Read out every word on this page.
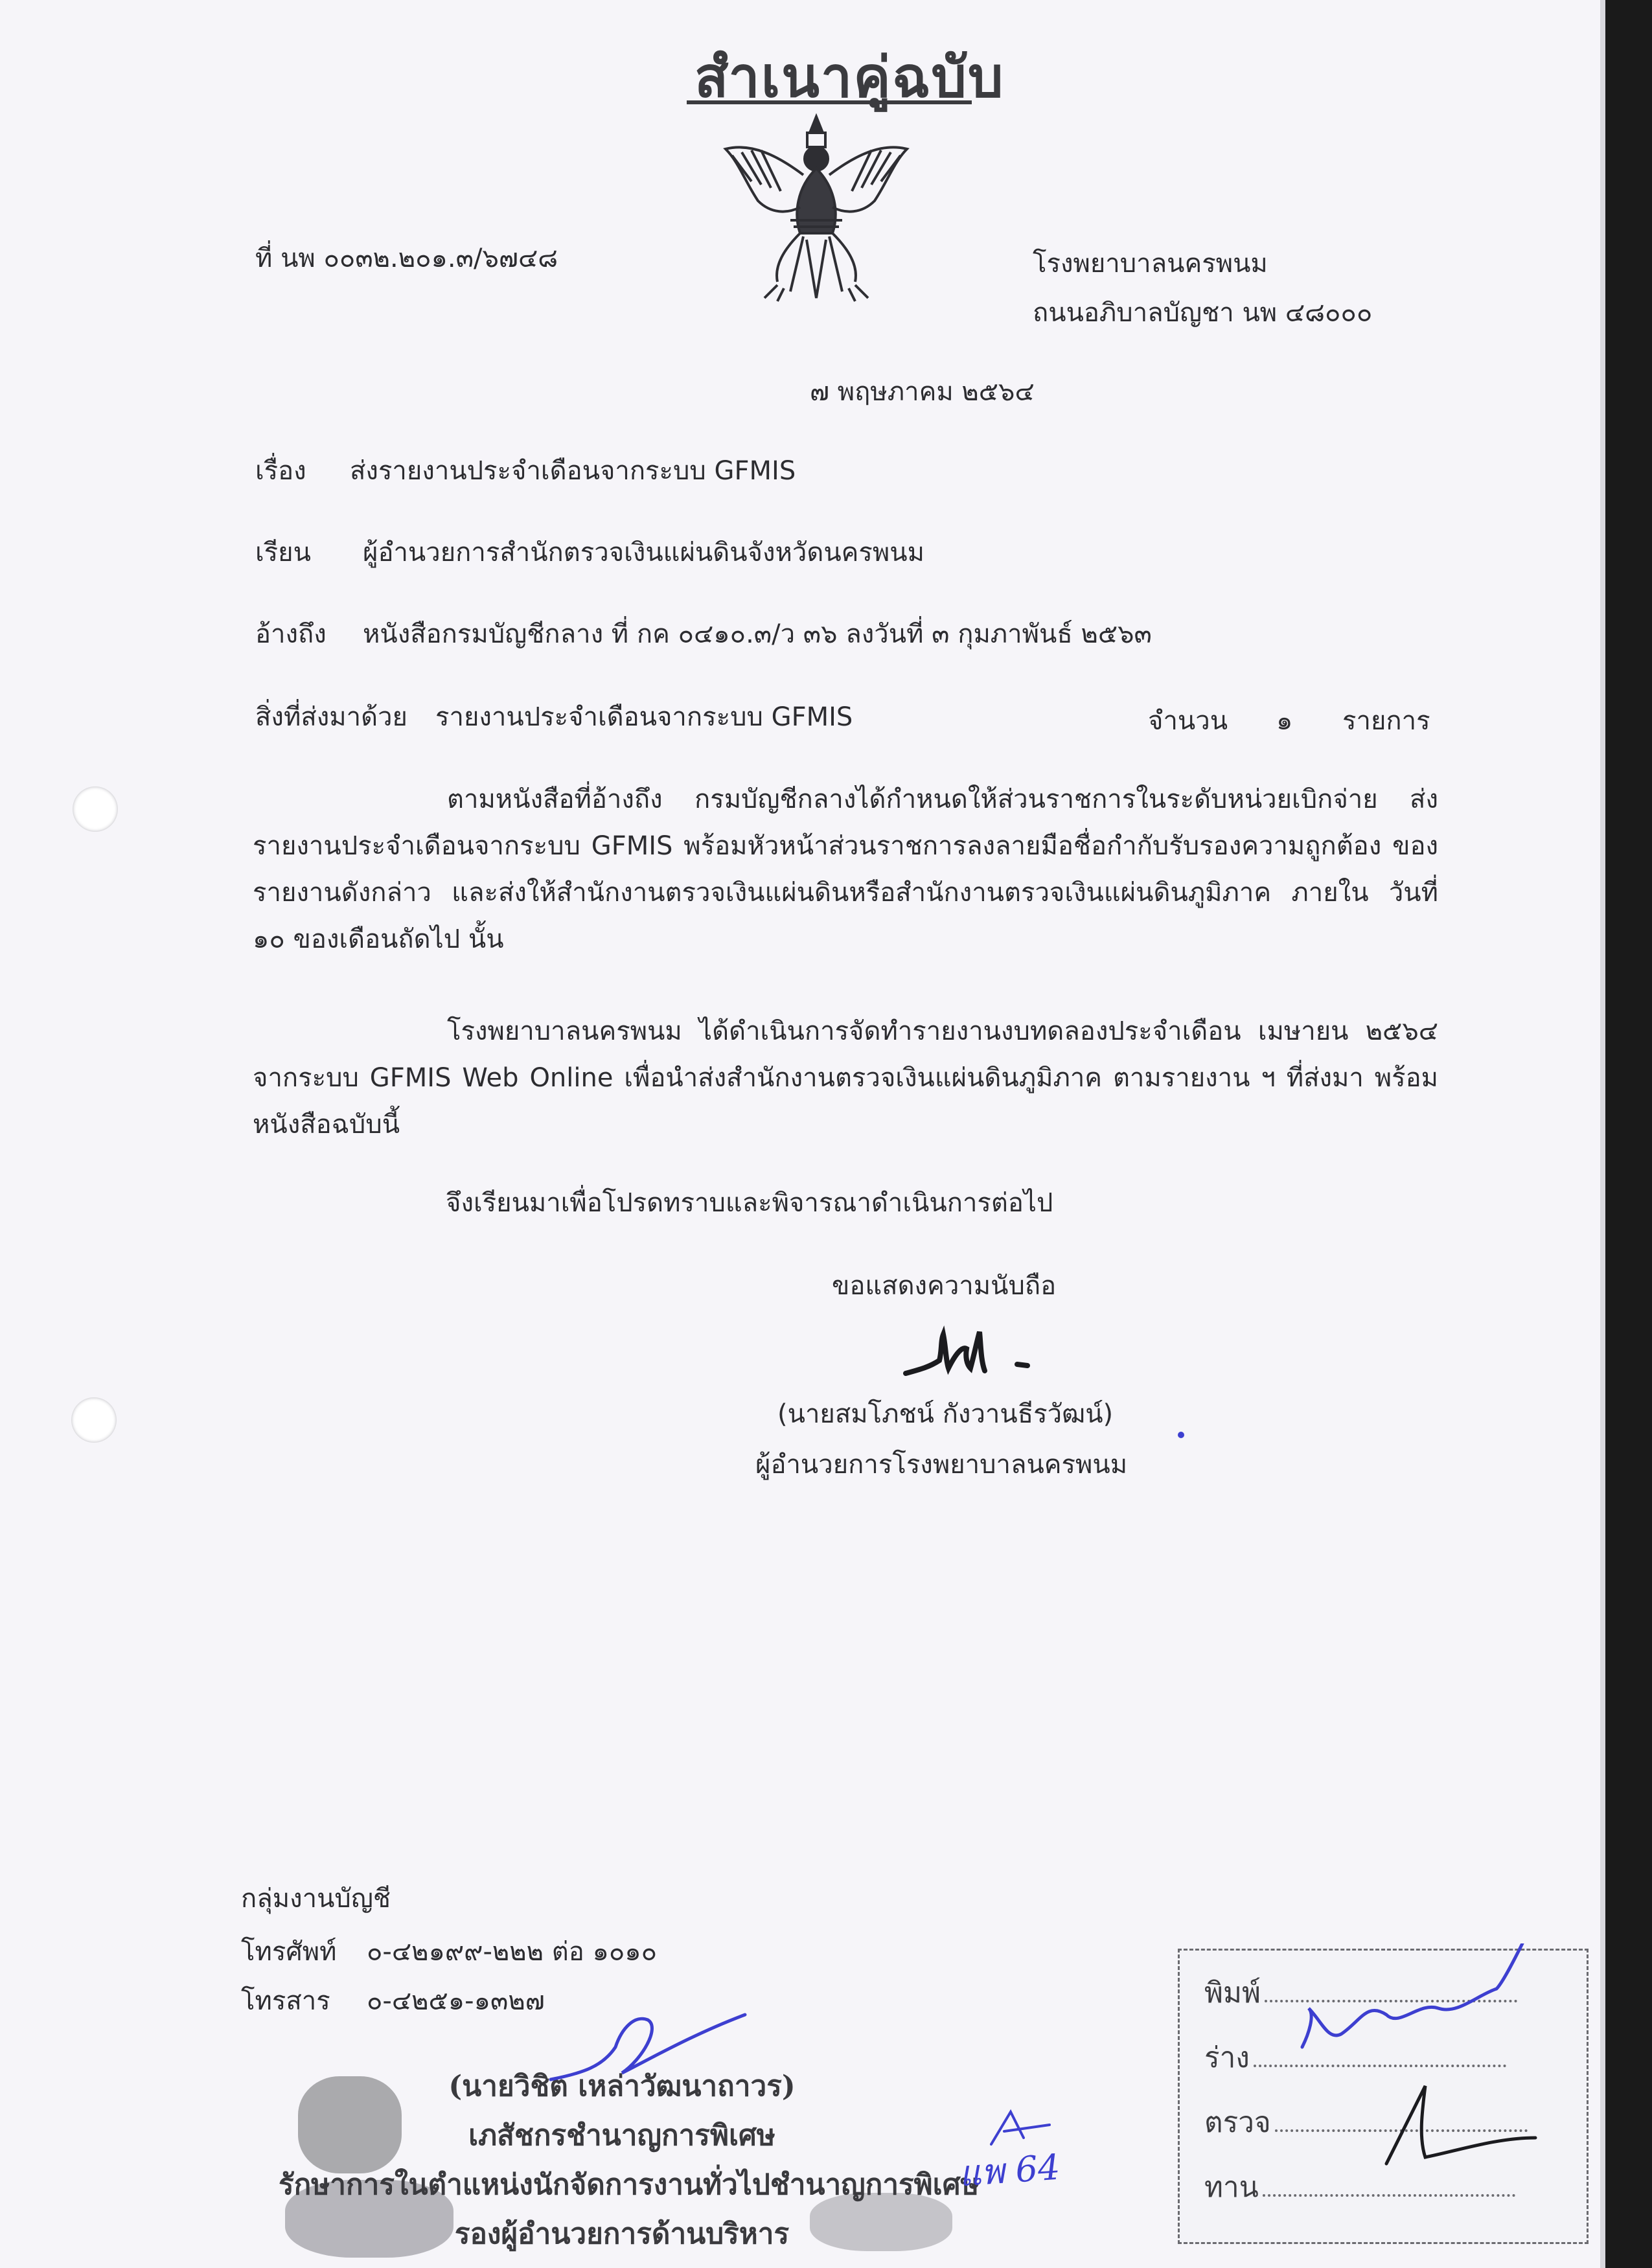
สำเนาคู่ฉบับ
ที่ นพ ๐๐๓๒.๒๐๑.๓/๖๗๔๘	โรงพยาบาลนครพนม
ถนนอภิบาลบัญชา นพ ๔๘๐๐๐
๗ พฤษภาคม ๒๕๖๔
เรื่อง ส่งรายงานประจำเดือนจากระบบ GFMIS
เรียน ผู้อำนวยการสำนักตรวจเงินแผ่นดินจังหวัดนครพนม
อ้างถึง หนังสือกรมบัญชีกลาง ที่ กค ๐๔๑๐.๓/ว ๓๖ ลงวันที่ ๓ กุมภาพันธ์ ๒๕๖๓
สิ่งที่ส่งมาด้วย รายงานประจำเดือนจากระบบ GFMIS	จำนวน ๑ รายการ
ตามหนังสือที่อ้างถึง กรมบัญชีกลางได้กำหนดให้ส่วนราชการในระดับหน่วยเบิกจ่าย ส่งรายงานประจำเดือนจากระบบ GFMIS พร้อมหัวหน้าส่วนราชการลงลายมือชื่อกำกับรับรองความถูกต้อง ของรายงานดังกล่าว และส่งให้สำนักงานตรวจเงินแผ่นดินหรือสำนักงานตรวจเงินแผ่นดินภูมิภาค ภายใน วันที่ ๑๐ ของเดือนถัดไป นั้น
โรงพยาบาลนครพนม ได้ดำเนินการจัดทำรายงานงบทดลองประจำเดือน เมษายน ๒๕๖๔ จากระบบ GFMIS Web Online เพื่อนำส่งสำนักงานตรวจเงินแผ่นดินภูมิภาค ตามรายงาน ฯ ที่ส่งมา พร้อมหนังสือฉบับนี้
จึงเรียนมาเพื่อโปรดทราบและพิจารณาดำเนินการต่อไป
ขอแสดงความนับถือ
(นายสมโภชน์ กังวานธีรวัฒน์)
ผู้อำนวยการโรงพยาบาลนครพนม
กลุ่มงานบัญชี
โทรศัพท์ ๐-๔๒๑๙๙-๒๒๒ ต่อ ๑๐๑๐
โทรสาร ๐-๔๒๕๑-๑๓๒๗
(นายวิชิต เหล่าวัฒนาถาวร)
เภสัชกรชำนาญการพิเศษ
รักษาการในตำแหน่งนักจัดการงานทั่วไปชำนาญการพิเศษ
รองผู้อำนวยการด้านบริหาร
แพ 64
พิมพ์
ร่าง
ตรวจ
ทาน
